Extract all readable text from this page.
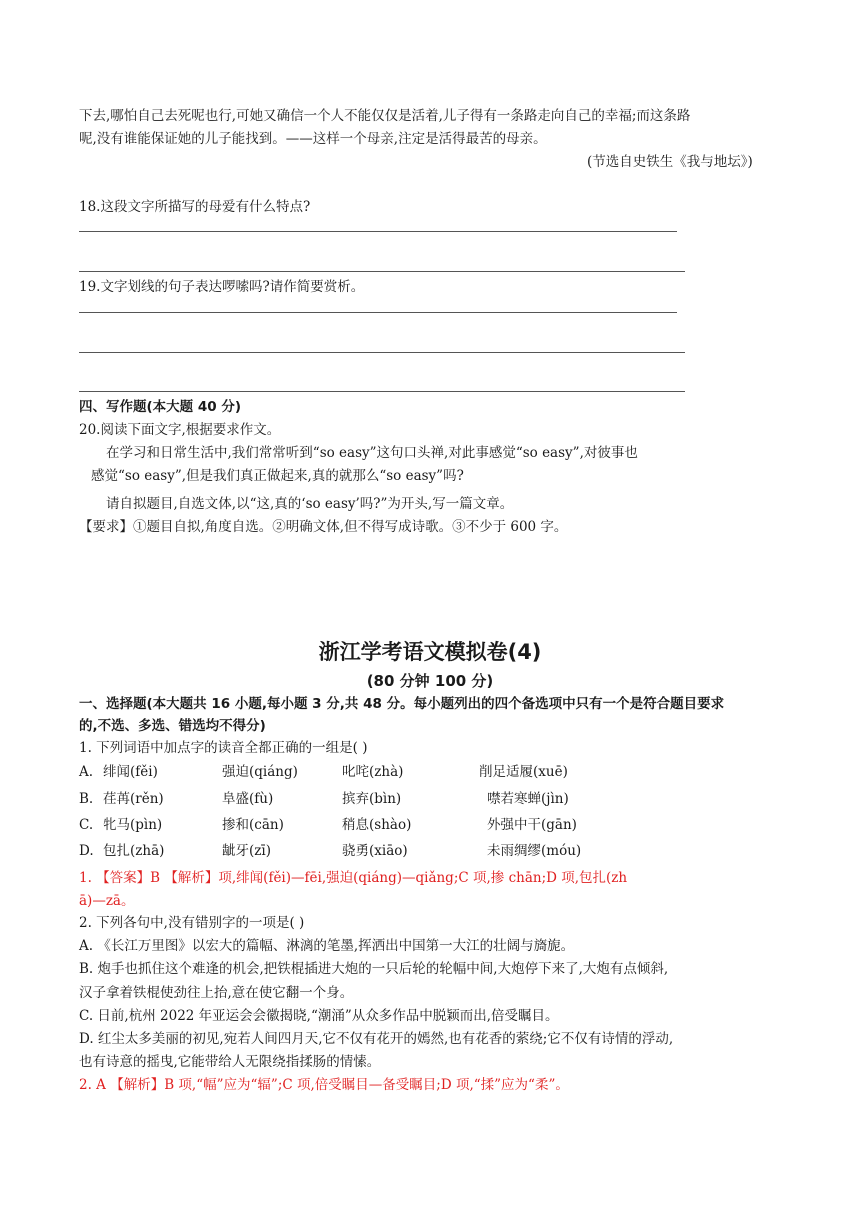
下去,哪怕自己去死呢也行,可她又确信一个人不能仅仅是活着,儿子得有一条路走向自己的幸福;而这条路
呢,没有谁能保证她的儿子能找到。——这样一个母亲,注定是活得最苦的母亲。
(节选自史铁生《我与地坛》)
18.这段文字所描写的母爱有什么特点?
19.文字划线的句子表达啰嗦吗?请作简要赏析。
四、写作题(本大题 40 分)
20.阅读下面文字,根据要求作文。
在学习和日常生活中,我们常常听到“so easy”这句口头禅,对此事感觉“so easy”,对彼事也
感觉“so easy”,但是我们真正做起来,真的就那么“so easy”吗?
请自拟题目,自选文体,以“这,真的‘so easy’吗?”为开头,写一篇文章。
【要求】①题目自拟,角度自选。②明确文体,但不得写成诗歌。③不少于 600 字。
浙江学考语文模拟卷(4)
(80 分钟 100 分)
一、选择题(本大题共 16 小题,每小题 3 分,共 48 分。每小题列出的四个备选项中只有一个是符合题目要求
的,不选、多选、错选均不得分)
1. 下列词语中加点字的读音全都正确的一组是( )
A. 绯闻(fěi)	强迫(qiáng)	叱咤(zhà)	削足适履(xuē)
B. 荏苒(rěn)	阜盛(fù)	摈弃(bìn)	噤若寒蝉(jìn)
C. 牝马(pìn)	掺和(cān)	稍息(shào)	外强中干(gān)
D. 包扎(zhā)	龇牙(zī)	骁勇(xiāo)	未雨绸缪(móu)
1. 【答案】B 【解析】项,绯闻(fěi)—fēi,强迫(qiáng)—qiǎng;C 项,掺 chān;D 项,包扎(zh
ā)—zā。
2. 下列各句中,没有错别字的一项是( )
A. 《长江万里图》以宏大的篇幅、淋漓的笔墨,挥洒出中国第一大江的壮阔与旖旎。
B. 炮手也抓住这个难逢的机会,把铁棍插进大炮的一只后轮的轮幅中间,大炮停下来了,大炮有点倾斜,
汉子拿着铁棍使劲往上抬,意在使它翻一个身。
C. 日前,杭州 2022 年亚运会会徽揭晓,“潮涌”从众多作品中脱颖而出,倍受瞩目。
D. 红尘太多美丽的初见,宛若人间四月天,它不仅有花开的嫣然,也有花香的萦绕;它不仅有诗情的浮动,
也有诗意的摇曳,它能带给人无限绕指揉肠的情愫。
2. A 【解析】B 项,“幅”应为“辐”;C 项,倍受瞩目—备受瞩目;D 项,“揉”应为“柔”。
